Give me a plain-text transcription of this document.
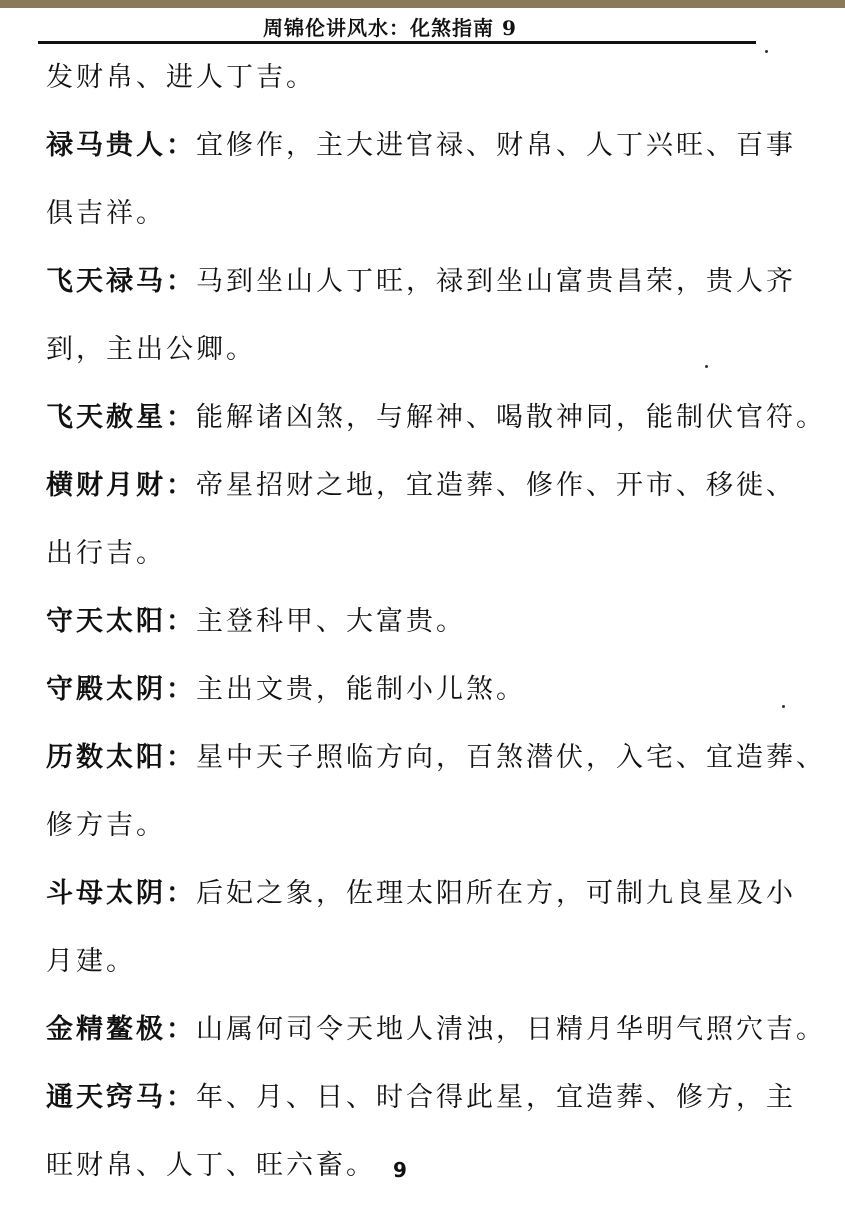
周锦伦讲风水：化煞指南 9
发财帛、进人丁吉。
禄马贵人：宜修作，主大进官禄、财帛、人丁兴旺、百事
俱吉祥。
飞天禄马：马到坐山人丁旺，禄到坐山富贵昌荣，贵人齐
到，主出公卿。
飞天赦星：能解诸凶煞，与解神、喝散神同，能制伏官符。
横财月财：帝星招财之地，宜造葬、修作、开市、移徙、
出行吉。
守天太阳：主登科甲、大富贵。
守殿太阴：主出文贵，能制小儿煞。
历数太阳：星中天子照临方向，百煞潜伏，入宅、宜造葬、
修方吉。
斗母太阴：后妃之象，佐理太阳所在方，可制九良星及小
月建。
金精鳌极：山属何司令天地人清浊，日精月华明气照穴吉。
通天窍马：年、月、日、时合得此星，宜造葬、修方，主
旺财帛、人丁、旺六畜。 9
